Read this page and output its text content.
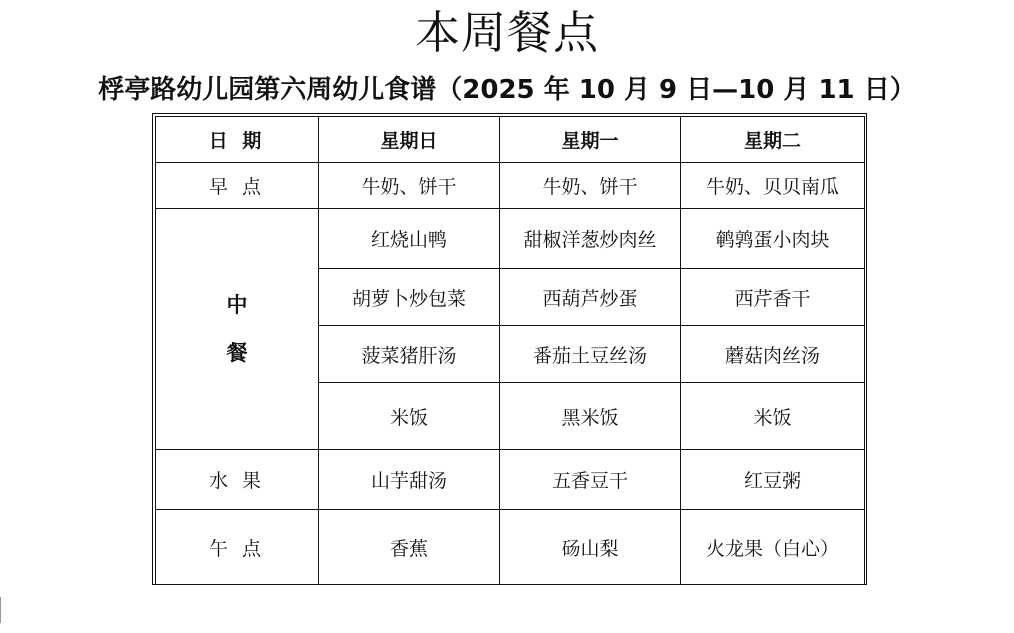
本周餐点
桴亭路幼儿园第六周幼儿食谱（2025 年 10 月 9 日—10 月 11 日）
日 期	星期日	星期一	星期二
早 点	牛奶、饼干	牛奶、饼干	牛奶、贝贝南瓜

中
餐	红烧山鸭	甜椒洋葱炒肉丝	鹌鹑蛋小肉块
	胡萝卜炒包菜	西葫芦炒蛋	西芹香干
	菠菜猪肝汤	番茄土豆丝汤	蘑菇肉丝汤
	米饭	黑米饭	米饭
水 果	山芋甜汤	五香豆干	红豆粥
午 点	香蕉	砀山梨	火龙果（白心）
